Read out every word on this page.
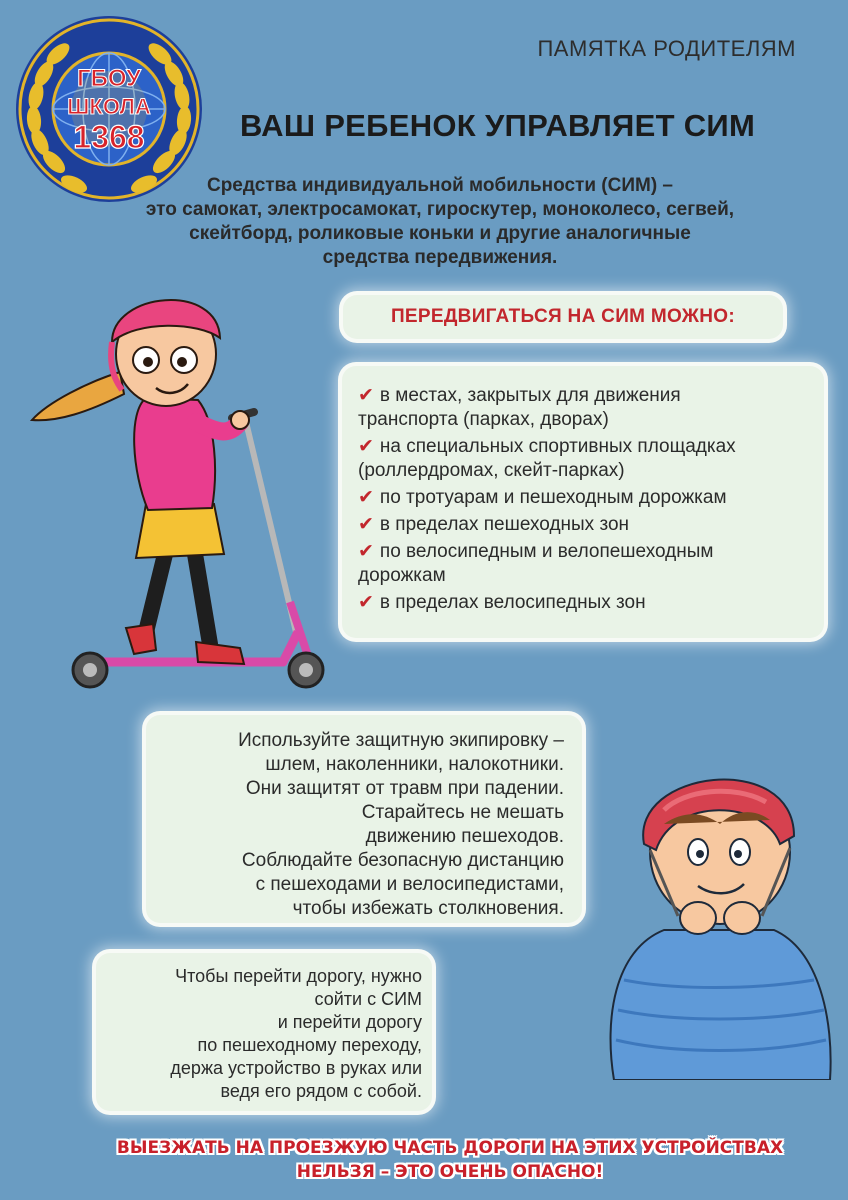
ГБОУ
ШКОЛА
1368
ПАМЯТКА РОДИТЕЛЯМ
ВАШ РЕБЕНОК УПРАВЛЯЕТ СИМ
Средства индивидуальной мобильности (СИМ) –
это самокат, электросамокат, гироскутер, моноколесо, сегвей,
скейтборд, роликовые коньки и другие аналогичные
средства передвижения.
ПЕРЕДВИГАТЬСЯ НА СИМ МОЖНО:
✔ в местах, закрытых для движения
транспорта (парках, дворах)
✔ на специальных спортивных площадках
(роллердромах, скейт-парках)
✔ по тротуарам и пешеходным дорожкам
✔ в пределах пешеходных зон
✔ по велосипедным и велопешеходным
дорожкам
✔ в пределах велосипедных зон
Используйте защитную экипировку –
шлем, наколенники, налокотники.
Они защитят от травм при падении.
Старайтесь не мешать
движению пешеходов.
Соблюдайте безопасную дистанцию
с пешеходами и велосипедистами,
чтобы избежать столкновения.
Чтобы перейти дорогу, нужно
сойти с СИМ
и перейти дорогу
по пешеходному переходу,
держа устройство в руках или
ведя его рядом с собой.
ВЫЕЗЖАТЬ НА ПРОЕЗЖУЮ ЧАСТЬ ДОРОГИ НА ЭТИХ УСТРОЙСТВАХ
НЕЛЬЗЯ – ЭТО ОЧЕНЬ ОПАСНО!
